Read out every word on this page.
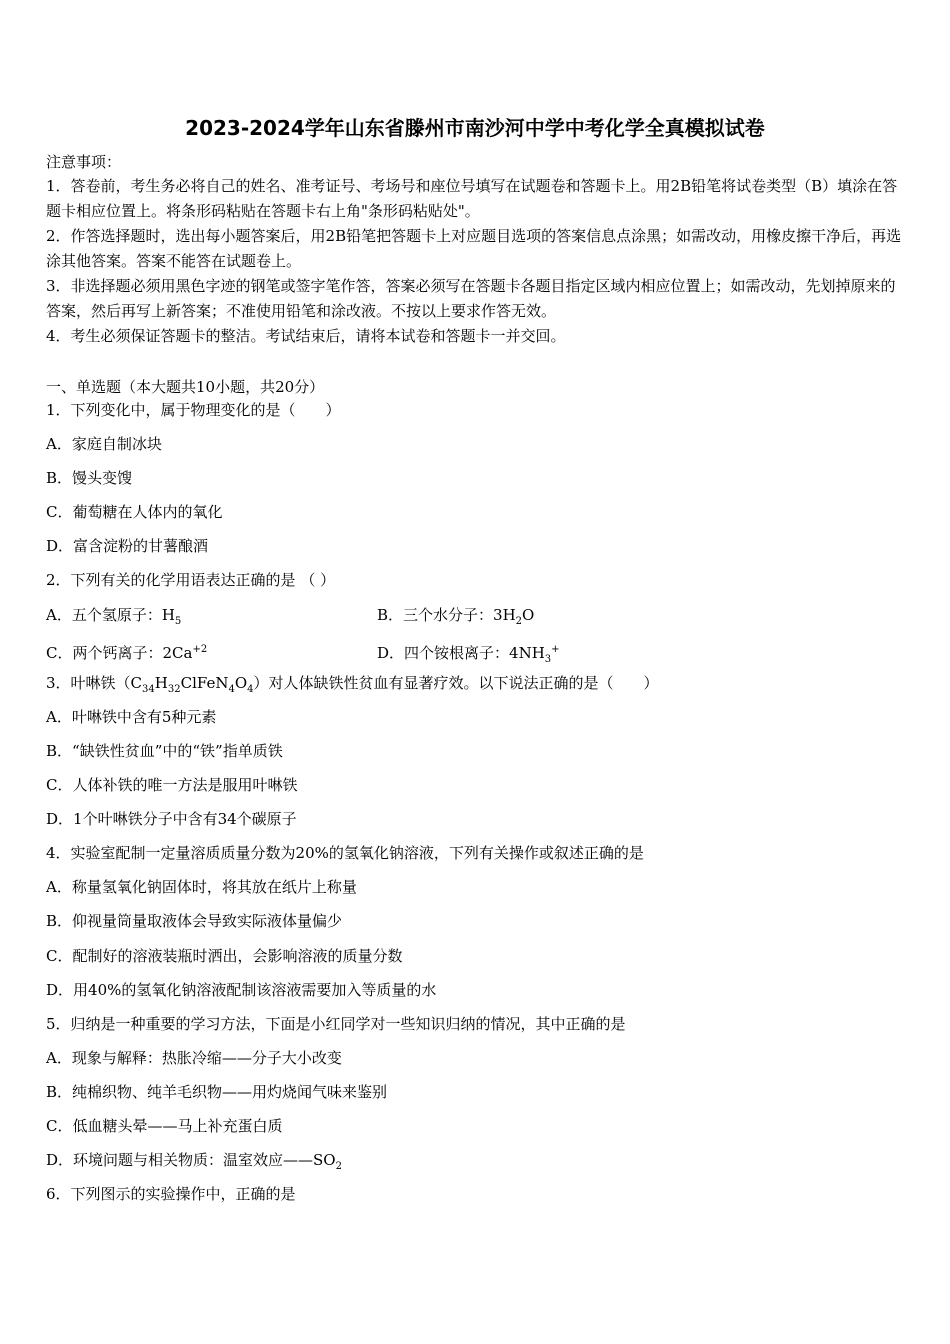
2023-2024学年山东省滕州市南沙河中学中考化学全真模拟试卷
注意事项：

1．答卷前，考生务必将自己的姓名、准考证号、考场号和座位号填写在试题卷和答题卡上。用2B铅笔将试卷类型（B）填涂在答题卡相应位置上。将条形码粘贴在答题卡右上角"条形码粘贴处"。

2．作答选择题时，选出每小题答案后，用2B铅笔把答题卡上对应题目选项的答案信息点涂黑；如需改动，用橡皮擦干净后，再选涂其他答案。答案不能答在试题卷上。

3．非选择题必须用黑色字迹的钢笔或签字笔作答，答案必须写在答题卡各题目指定区域内相应位置上；如需改动，先划掉原来的答案，然后再写上新答案；不准使用铅笔和涂改液。不按以上要求作答无效。

4．考生必须保证答题卡的整洁。考试结束后，请将本试卷和答题卡一并交回。

一、单选题（本大题共10小题，共20分）
1．下列变化中，属于物理变化的是（　　）
A．家庭自制冰块
B．馒头变馊
C．葡萄糖在人体内的氧化
D．富含淀粉的甘薯酿酒
2．下列有关的化学用语表达正确的是 （ ）
A．五个氢原子：$H_5$	B．三个水分子：$3H_2O$
C．两个钙离子：$2Ca^{+2}$	D．四个铵根离子：$4NH_3^+$
3．叶啉铁$(C_{34}H_{32}ClFeN_4O_4)$对人体缺铁性贫血有显著疗效。以下说法正确的是（　　）
A．叶啉铁中含有5种元素
B．“缺铁性贫血”中的“铁”指单质铁
C．人体补铁的唯一方法是服用叶啉铁
D．1个叶啉铁分子中含有34个碳原子
4．实验室配制一定量溶质质量分数为20%的氢氧化钠溶液，下列有关操作或叙述正确的是
A．称量氢氧化钠固体时，将其放在纸片上称量
B．仰视量筒量取液体会导致实际液体量偏少
C．配制好的溶液装瓶时洒出，会影响溶液的质量分数
D．用40%的氢氧化钠溶液配制该溶液需要加入等质量的水
5．归纳是一种重要的学习方法，下面是小红同学对一些知识归纳的情况，其中正确的是
A．现象与解释：热胀冷缩——分子大小改变
B．纯棉织物、纯羊毛织物——用灼烧闻气味来鉴别
C．低血糖头晕——马上补充蛋白质
D．环境问题与相关物质：温室效应$——SO_2$
6．下列图示的实验操作中，正确的是
